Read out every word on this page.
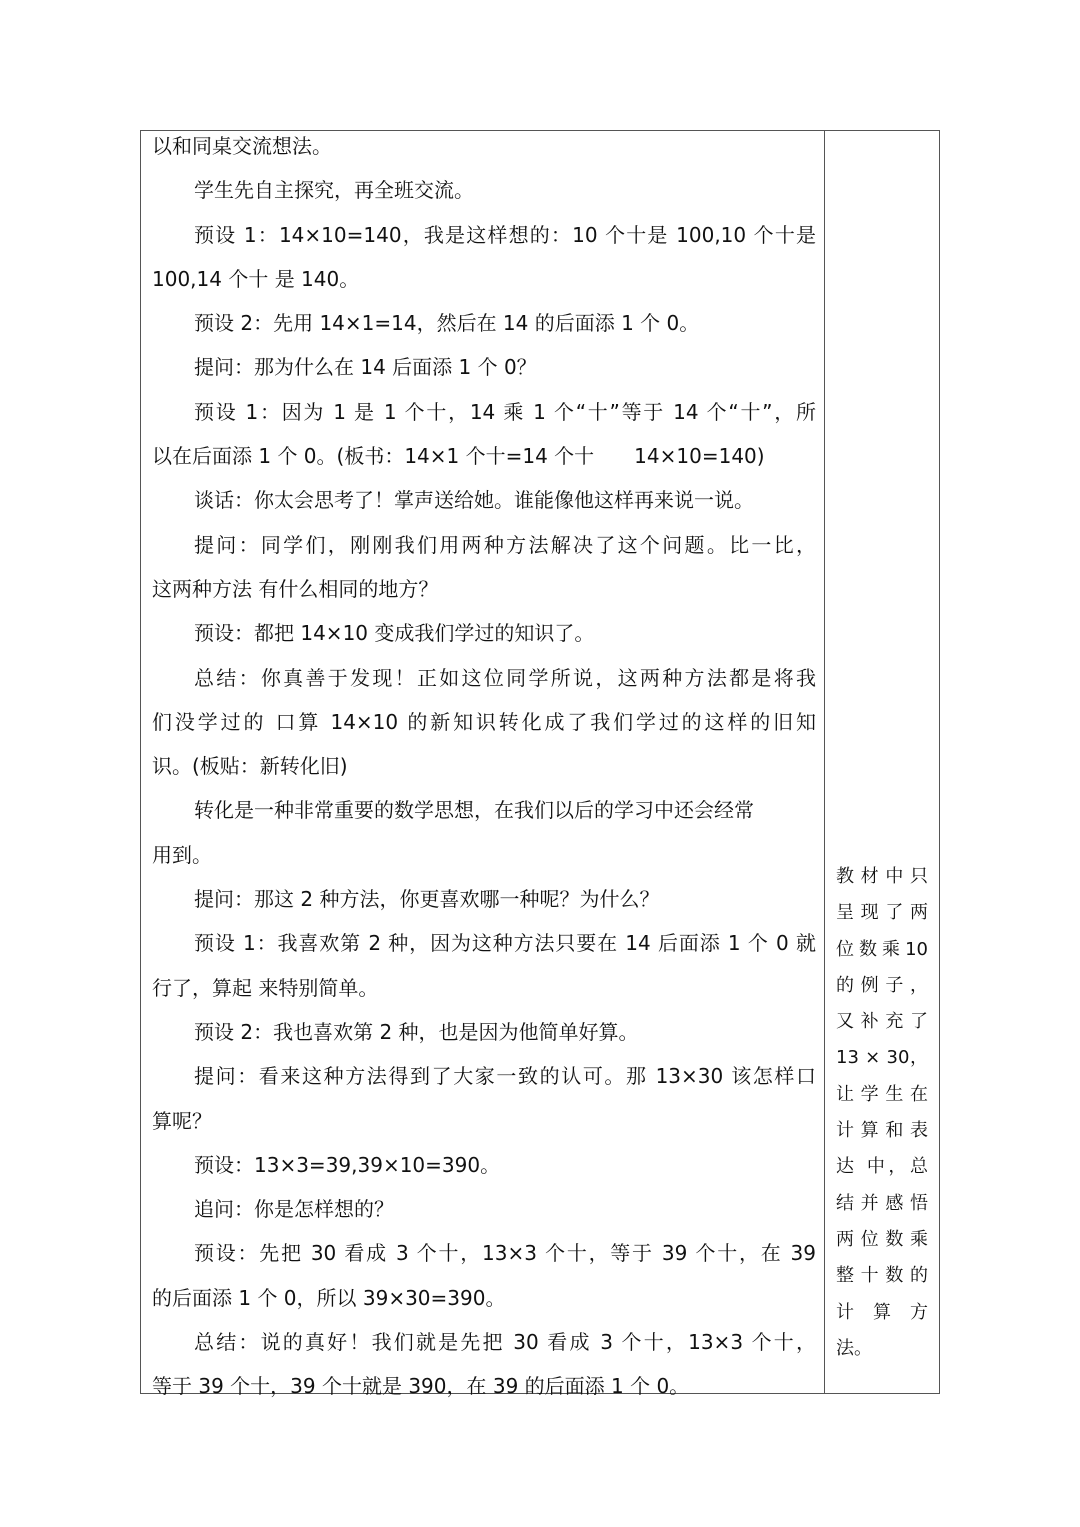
以和同桌交流想法。

学生先自主探究，再全班交流。

预设 1：14×10=140，我是这样想的：10 个十是 100,10 个十是

100,14 个十 是 140。

预设 2：先用 14×1=14，然后在 14 的后面添 1 个 0。

提问：那为什么在 14 后面添 1 个 0？

预设 1：因为 1 是 1 个十，14 乘 1 个“十”等于 14 个“十”，所

以在后面添 1 个 0。(板书：14×1 个十=14 个十　　14×10=140)

谈话：你太会思考了！掌声送给她。谁能像他这样再来说一说。

提问：同学们，刚刚我们用两种方法解决了这个问题。比一比，

这两种方法 有什么相同的地方？

预设：都把 14×10 变成我们学过的知识了。

总结：你真善于发现！正如这位同学所说，这两种方法都是将我

们没学过的 口算 14×10 的新知识转化成了我们学过的这样的旧知

识。(板贴：新转化旧)

转化是一种非常重要的数学思想，在我们以后的学习中还会经常

用到。

提问：那这 2 种方法，你更喜欢哪一种呢？为什么？

预设 1：我喜欢第 2 种，因为这种方法只要在 14 后面添 1 个 0 就

行了，算起 来特别简单。

预设 2：我也喜欢第 2 种，也是因为他简单好算。

提问：看来这种方法得到了大家一致的认可。那 13×30 该怎样口

算呢？

预设：13×3=39,39×10=390。

追问：你是怎样想的？

预设：先把 30 看成 3 个十，13×3 个十，等于 39 个十，在 39

的后面添 1 个 0，所以 39×30=390。

总结：说的真好！我们就是先把 30 看成 3 个十，13×3 个十，

等于 39 个十，39 个十就是 390，在 39 的后面添 1 个 0。

教材中只

呈现了两

位数乘10

的例子，

又补充了

13 × 30，

让学生在

计算和表

达 中，总

结并感悟

两位数乘

整十数的

计算方

法。
